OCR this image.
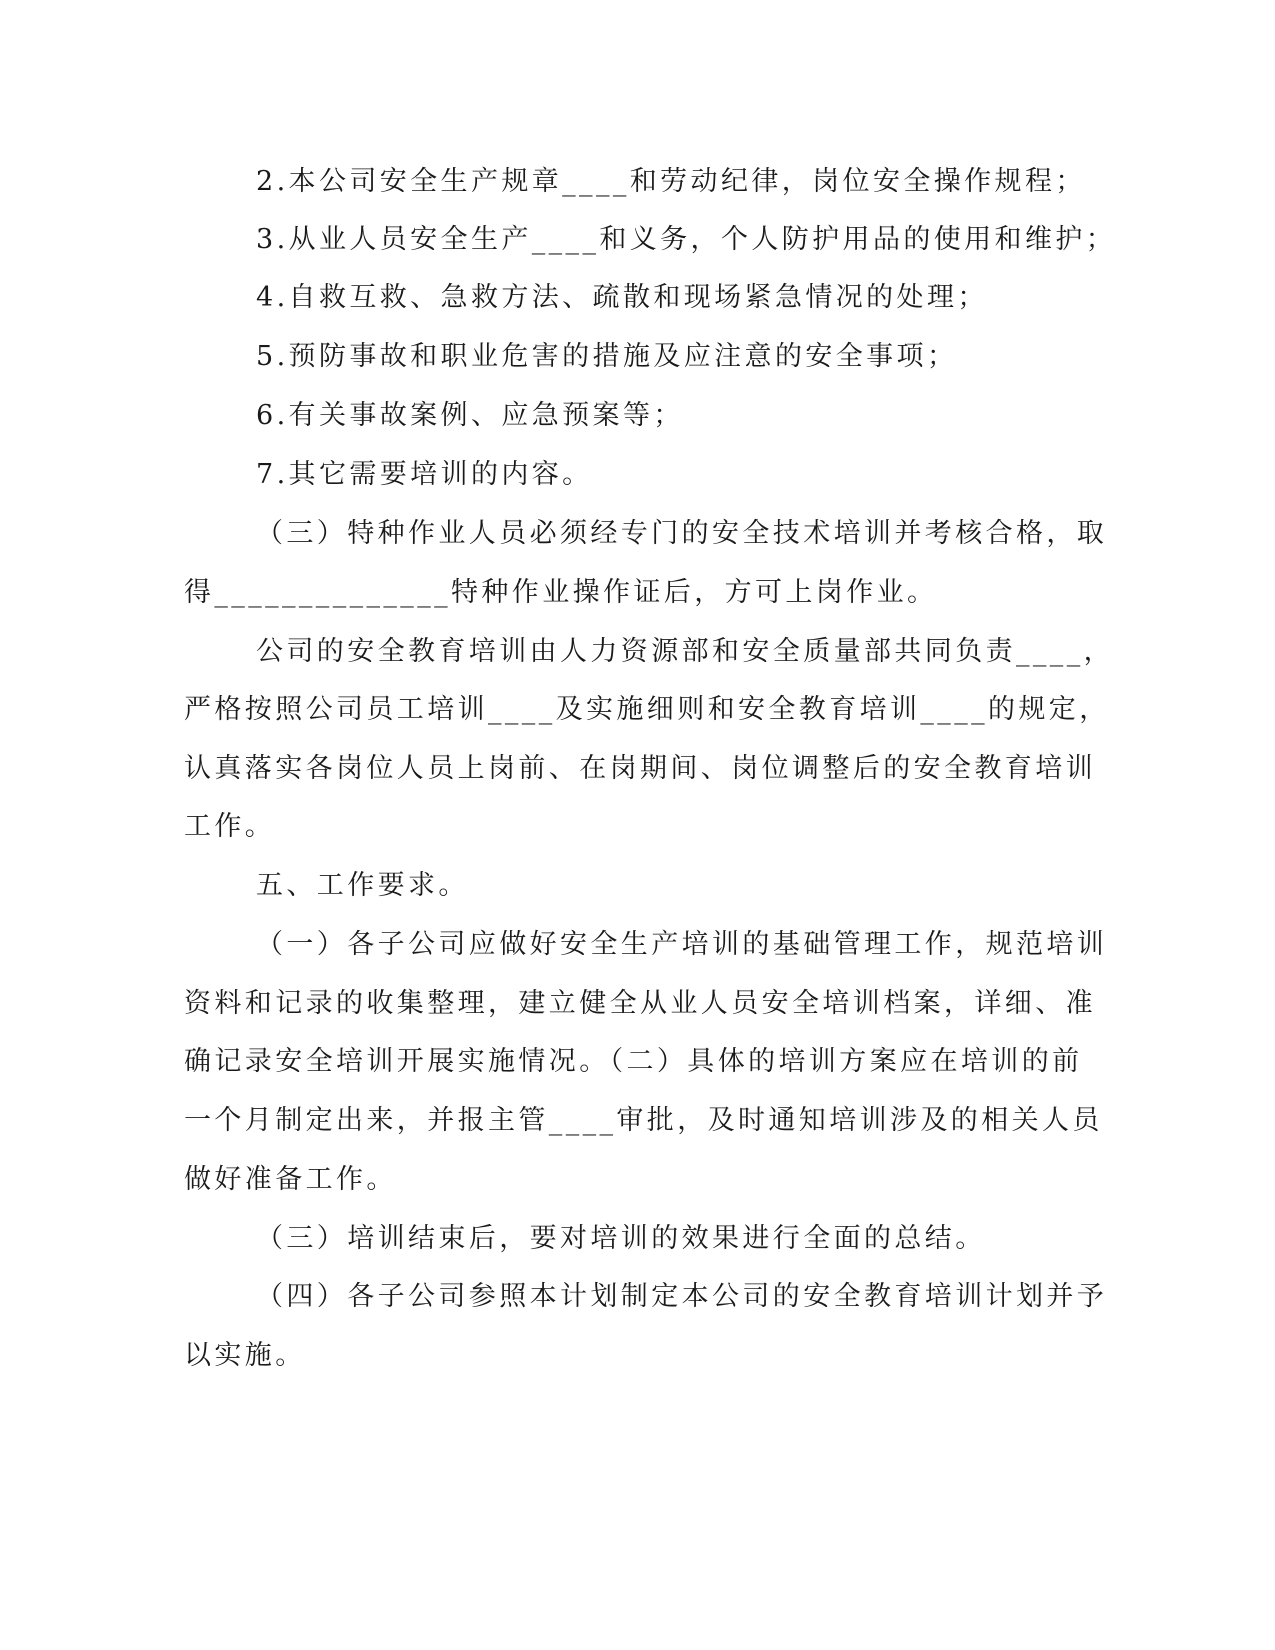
2.本公司安全生产规章____和劳动纪律，岗位安全操作规程；
3.从业人员安全生产____和义务，个人防护用品的使用和维护；
4.自救互救、急救方法、疏散和现场紧急情况的处理；
5.预防事故和职业危害的措施及应注意的安全事项；
6.有关事故案例、应急预案等；
7.其它需要培训的内容。
（三）特种作业人员必须经专门的安全技术培训并考核合格，取
得______________特种作业操作证后，方可上岗作业。
公司的安全教育培训由人力资源部和安全质量部共同负责____，
严格按照公司员工培训____及实施细则和安全教育培训____的规定，
认真落实各岗位人员上岗前、在岗期间、岗位调整后的安全教育培训
工作。
五、工作要求。
（一）各子公司应做好安全生产培训的基础管理工作，规范培训
资料和记录的收集整理，建立健全从业人员安全培训档案，详细、准
确记录安全培训开展实施情况。（二）具体的培训方案应在培训的前
一个月制定出来，并报主管____审批，及时通知培训涉及的相关人员
做好准备工作。
（三）培训结束后，要对培训的效果进行全面的总结。
（四）各子公司参照本计划制定本公司的安全教育培训计划并予
以实施。
